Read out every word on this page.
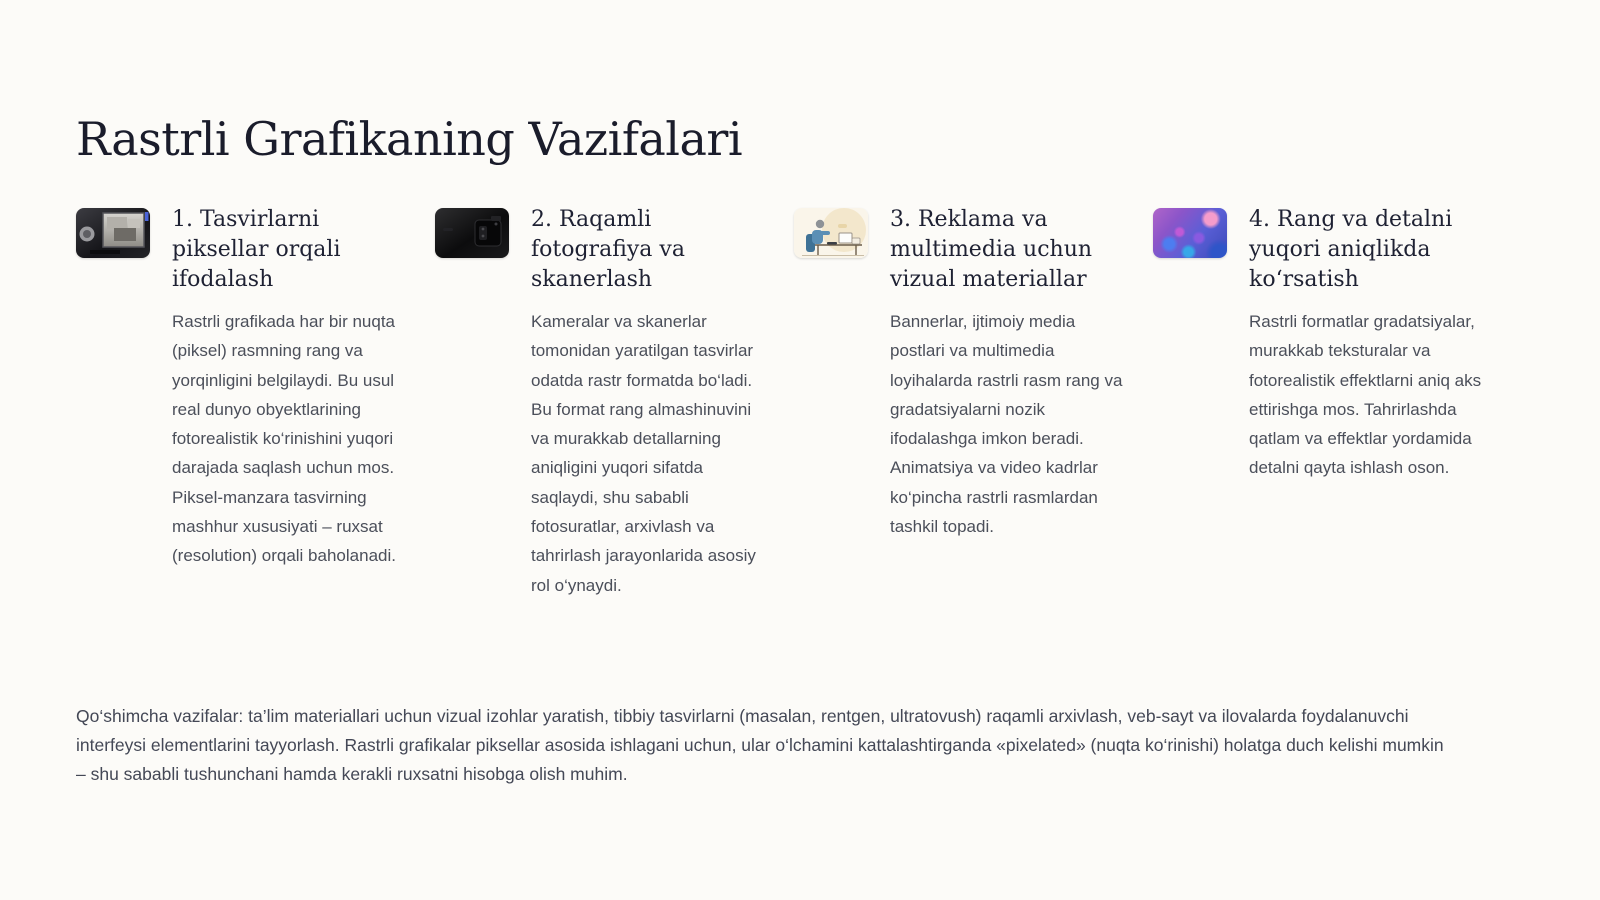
Rastrli Grafikaning Vazifalari
1. Tasvirlarni piksellar orqali ifodalash

Rastrli grafikada har bir nuqta (piksel) rasmning rang va yorqinligini belgilaydi. Bu usul real dunyo obyektlarining fotorealistik ko‘rinishini yuqori darajada saqlash uchun mos. Piksel-manzara tasvirning mashhur xususiyati – ruxsat (resolution) orqali baholanadi.

2. Raqamli fotografiya va skanerlash

Kameralar va skanerlar tomonidan yaratilgan tasvirlar odatda rastr formatda bo‘ladi. Bu format rang almashinuvini va murakkab detallarning aniqligini yuqori sifatda saqlaydi, shu sababli fotosuratlar, arxivlash va tahrirlash jarayonlarida asosiy rol o‘ynaydi.

3. Reklama va multimedia uchun vizual materiallar

Bannerlar, ijtimoiy media postlari va multimedia loyihalarda rastrli rasm rang va gradatsiyalarni nozik ifodalashga imkon beradi. Animatsiya va video kadrlar ko‘pincha rastrli rasmlardan tashkil topadi.

4. Rang va detalni yuqori aniqlikda ko‘rsatish

Rastrli formatlar gradatsiyalar, murakkab teksturalar va fotorealistik effektlarni aniq aks ettirishga mos. Tahrirlashda qatlam va effektlar yordamida detalni qayta ishlash oson.

Qo‘shimcha vazifalar: ta’lim materiallari uchun vizual izohlar yaratish, tibbiy tasvirlarni (masalan, rentgen, ultratovush) raqamli arxivlash, veb-sayt va ilovalarda foydalanuvchi interfeysi elementlarini tayyorlash. Rastrli grafikalar piksellar asosida ishlagani uchun, ular o‘lchamini kattalashtirganda «pixelated» (nuqta ko‘rinishi) holatga duch kelishi mumkin – shu sababli tushunchani hamda kerakli ruxsatni hisobga olish muhim.
